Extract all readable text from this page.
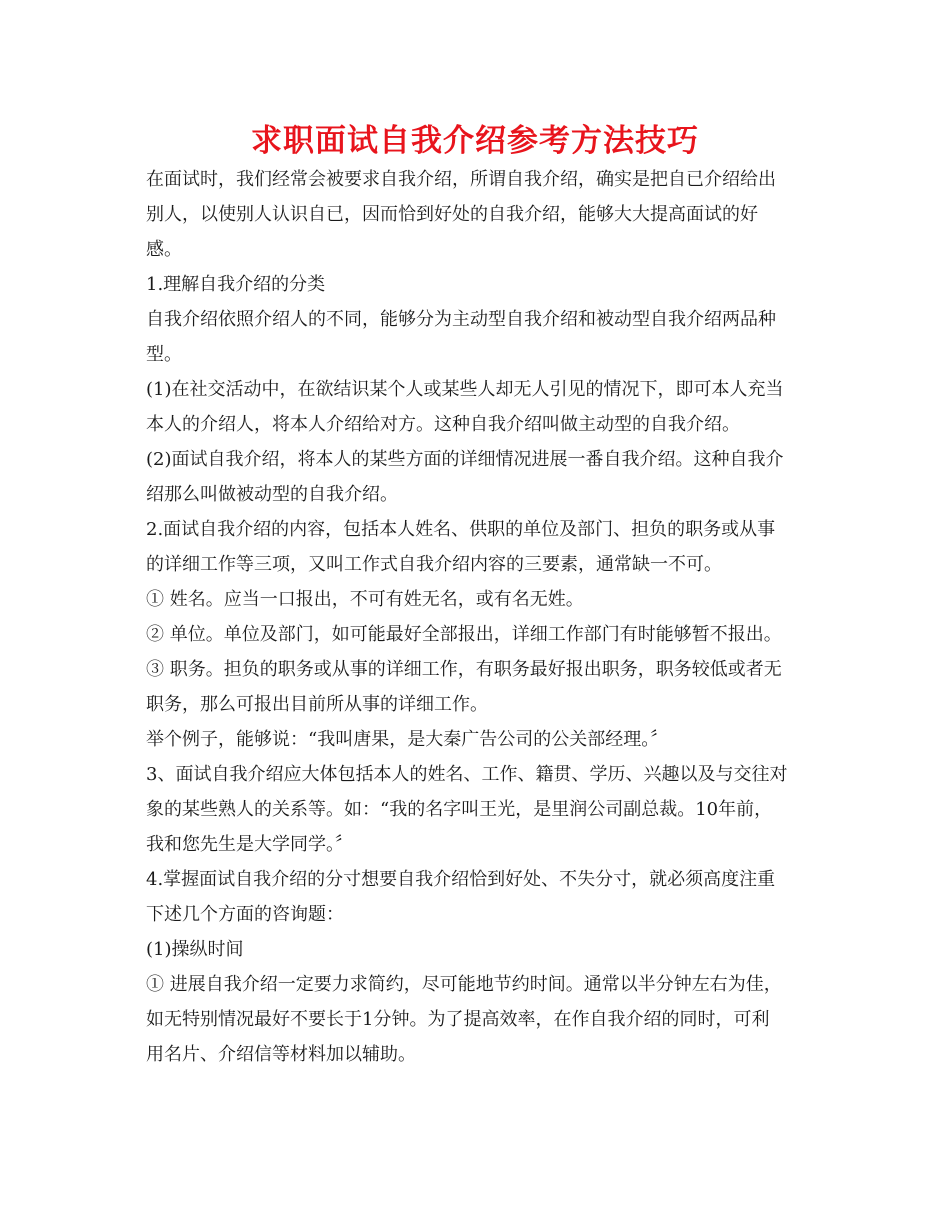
求职面试自我介绍参考方法技巧
在面试时，我们经常会被要求自我介绍，所谓自我介绍，确实是把自已介绍给出
别人，以使别人认识自已，因而恰到好处的自我介绍，能够大大提高面试的好
感。
1.理解自我介绍的分类
自我介绍依照介绍人的不同，能够分为主动型自我介绍和被动型自我介绍两品种
型。
(1)在社交活动中，在欲结识某个人或某些人却无人引见的情况下，即可本人充当
本人的介绍人，将本人介绍给对方。这种自我介绍叫做主动型的自我介绍。
(2)面试自我介绍，将本人的某些方面的详细情况进展一番自我介绍。这种自我介
绍那么叫做被动型的自我介绍。
2.面试自我介绍的内容，包括本人姓名、供职的单位及部门、担负的职务或从事
的详细工作等三项，又叫工作式自我介绍内容的三要素，通常缺一不可。
① 姓名。应当一口报出，不可有姓无名，或有名无姓。
② 单位。单位及部门，如可能最好全部报出，详细工作部门有时能够暂不报出。
③ 职务。担负的职务或从事的详细工作，有职务最好报出职务，职务较低或者无
职务，那么可报出目前所从事的详细工作。
举个例子，能够说：“我叫唐果，是大秦广告公司的公关部经理。〞
3、面试自我介绍应大体包括本人的姓名、工作、籍贯、学历、兴趣以及与交往对
象的某些熟人的关系等。如：“我的名字叫王光，是里润公司副总裁。10年前，
我和您先生是大学同学。〞
4.掌握面试自我介绍的分寸想要自我介绍恰到好处、不失分寸，就必须高度注重
下述几个方面的咨询题：
(1)操纵时间
① 进展自我介绍一定要力求简约，尽可能地节约时间。通常以半分钟左右为佳，
如无特别情况最好不要长于1分钟。为了提高效率，在作自我介绍的同时，可利
用名片、介绍信等材料加以辅助。
